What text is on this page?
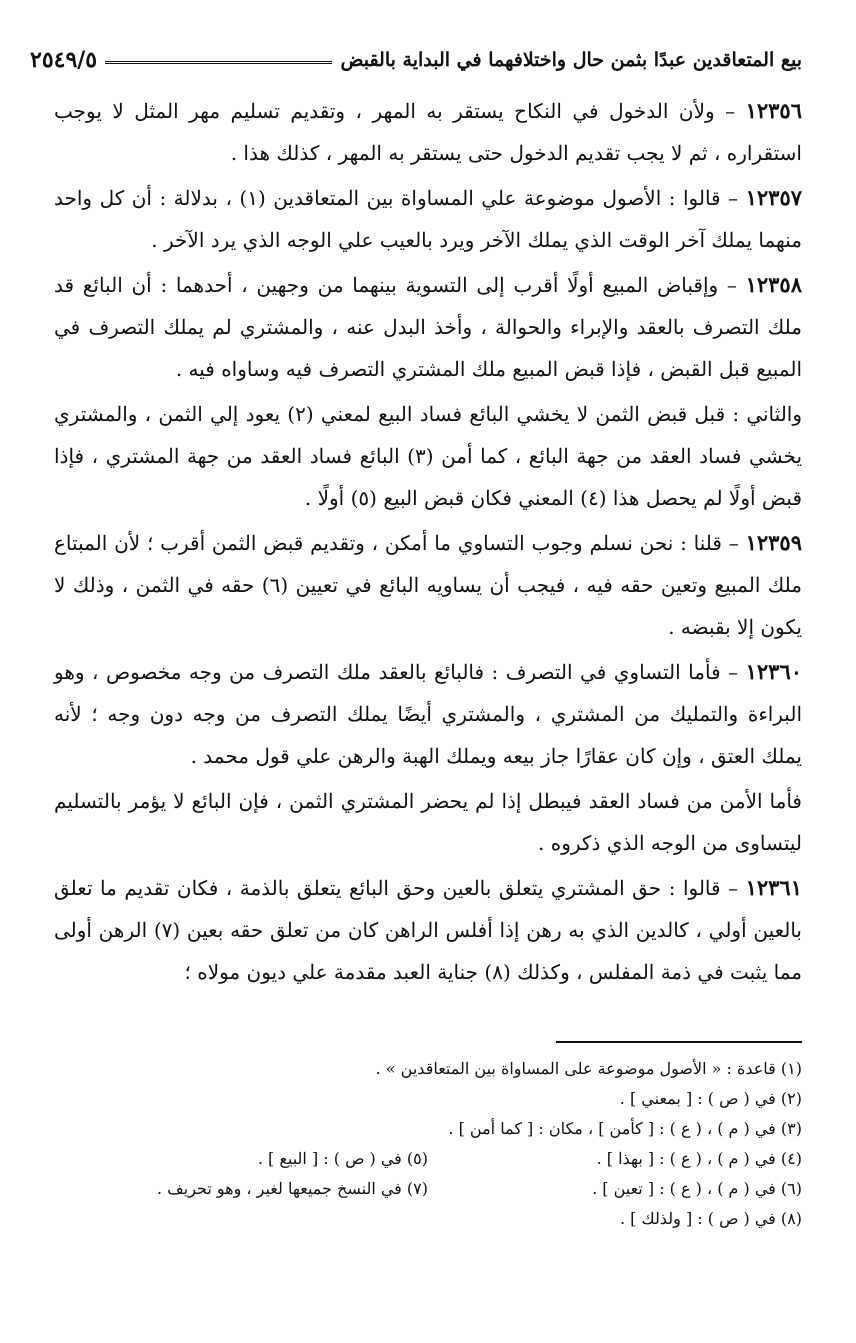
بيع المتعاقدين عبدًا بثمن حال واختلافهما في البداية بالقبض
٢٥٤٩/٥

١٢٣٥٦ – ولأن الدخول في النكاح يستقر به المهر ، وتقديم تسليم مهر المثل لا يوجب استقراره ، ثم لا يجب تقديم الدخول حتى يستقر به المهر ، كذلك هذا .

١٢٣٥٧ – قالوا : الأصول موضوعة علي المساواة بين المتعاقدين (١) ، بدلالة : أن كل واحد منهما يملك آخر الوقت الذي يملك الآخر ويرد بالعيب علي الوجه الذي يرد الآخر .

١٢٣٥٨ – وإقباض المبيع أولًا أقرب إلى التسوية بينهما من وجهين ، أحدهما : أن البائع قد ملك التصرف بالعقد والإبراء والحوالة ، وأخذ البدل عنه ، والمشتري لم يملك التصرف في المبيع قبل القبض ، فإذا قبض المبيع ملك المشتري التصرف فيه وساواه فيه .

والثاني : قبل قبض الثمن لا يخشي البائع فساد البيع لمعني (٢) يعود إلي الثمن ، والمشتري يخشي فساد العقد من جهة البائع ، كما أمن (٣) البائع فساد العقد من جهة المشتري ، فإذا قبض أولًا لم يحصل هذا (٤) المعني فكان قبض البيع (٥) أولًا .

١٢٣٥٩ – قلنا : نحن نسلم وجوب التساوي ما أمكن ، وتقديم قبض الثمن أقرب ؛ لأن المبتاع ملك المبيع وتعين حقه فيه ، فيجب أن يساويه البائع في تعيين (٦) حقه في الثمن ، وذلك لا يكون إلا بقبضه .

١٢٣٦٠ – فأما التساوي في التصرف : فالبائع بالعقد ملك التصرف من وجه مخصوص ، وهو البراءة والتمليك من المشتري ، والمشتري أيضًا يملك التصرف من وجه دون وجه ؛ لأنه يملك العتق ، وإن كان عقارًا جاز بيعه ويملك الهبة والرهن علي قول محمد .

فأما الأمن من فساد العقد فيبطل إذا لم يحضر المشتري الثمن ، فإن البائع لا يؤمر بالتسليم ليتساوى من الوجه الذي ذكروه .

١٢٣٦١ – قالوا : حق المشتري يتعلق بالعين وحق البائع يتعلق بالذمة ، فكان تقديم ما تعلق بالعين أولي ، كالدين الذي به رهن إذا أفلس الراهن كان من تعلق حقه بعين (٧) الرهن أولى مما يثبت في ذمة المفلس ، وكذلك (٨) جناية العبد مقدمة علي ديون مولاه ؛

(١) قاعدة : « الأصول موضوعة على المساواة بين المتعاقدين » .
(٢) في ( ص ) : [ بمعني ] .
(٣) في ( م ) ، ( ع ) : [ كأمن ] ، مكان : [ كما أمن ] .
(٤) في ( م ) ، ( ع ) : [ بهذا ] .
(٥) في ( ص ) : [ البيع ] .
(٦) في ( م ) ، ( ع ) : [ تعين ] .
(٧) في النسخ جميعها لغير ، وهو تحريف .
(٨) في ( ص ) : [ ولذلك ] .
